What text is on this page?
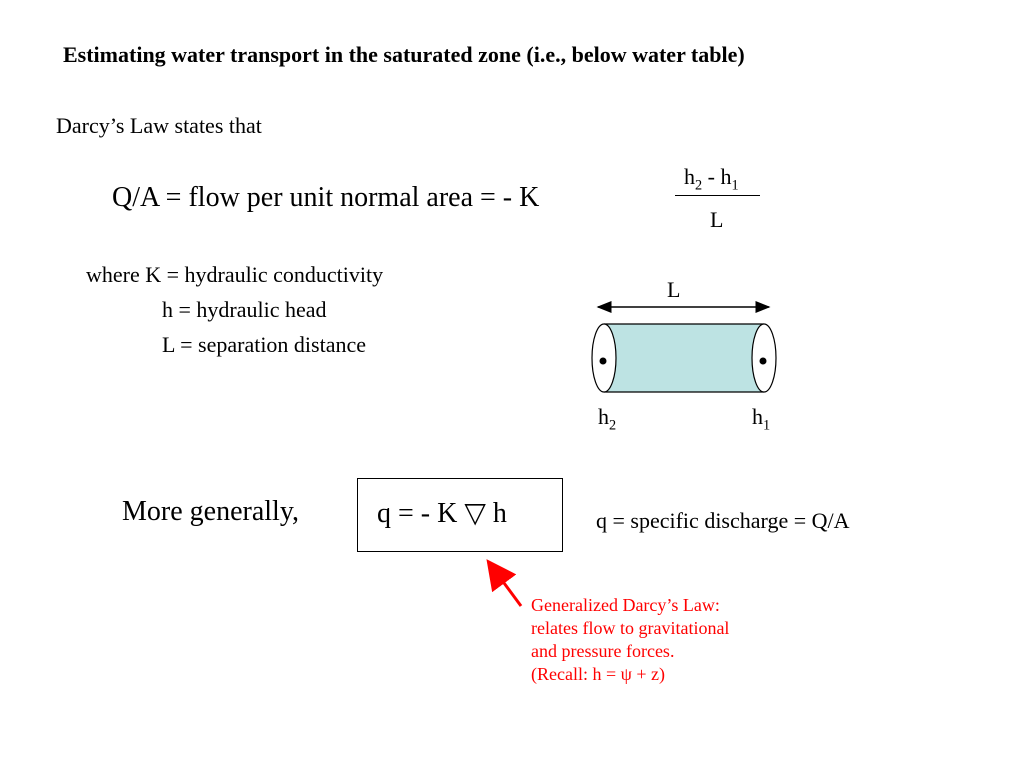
Estimating water transport in the saturated zone (i.e., below water table)
Darcy’s Law states that
Q/A = flow per unit normal area = - K
$h_2 - h_1$
L
where K = hydraulic conductivity
h = hydraulic head
L = separation distance
L
$h_2$	$h_1$
More generally,	q = - K ▽ h	q = specific discharge = Q/A
Generalized Darcy’s Law:
relates flow to gravitational
and pressure forces.
(Recall: h = ψ + z)
